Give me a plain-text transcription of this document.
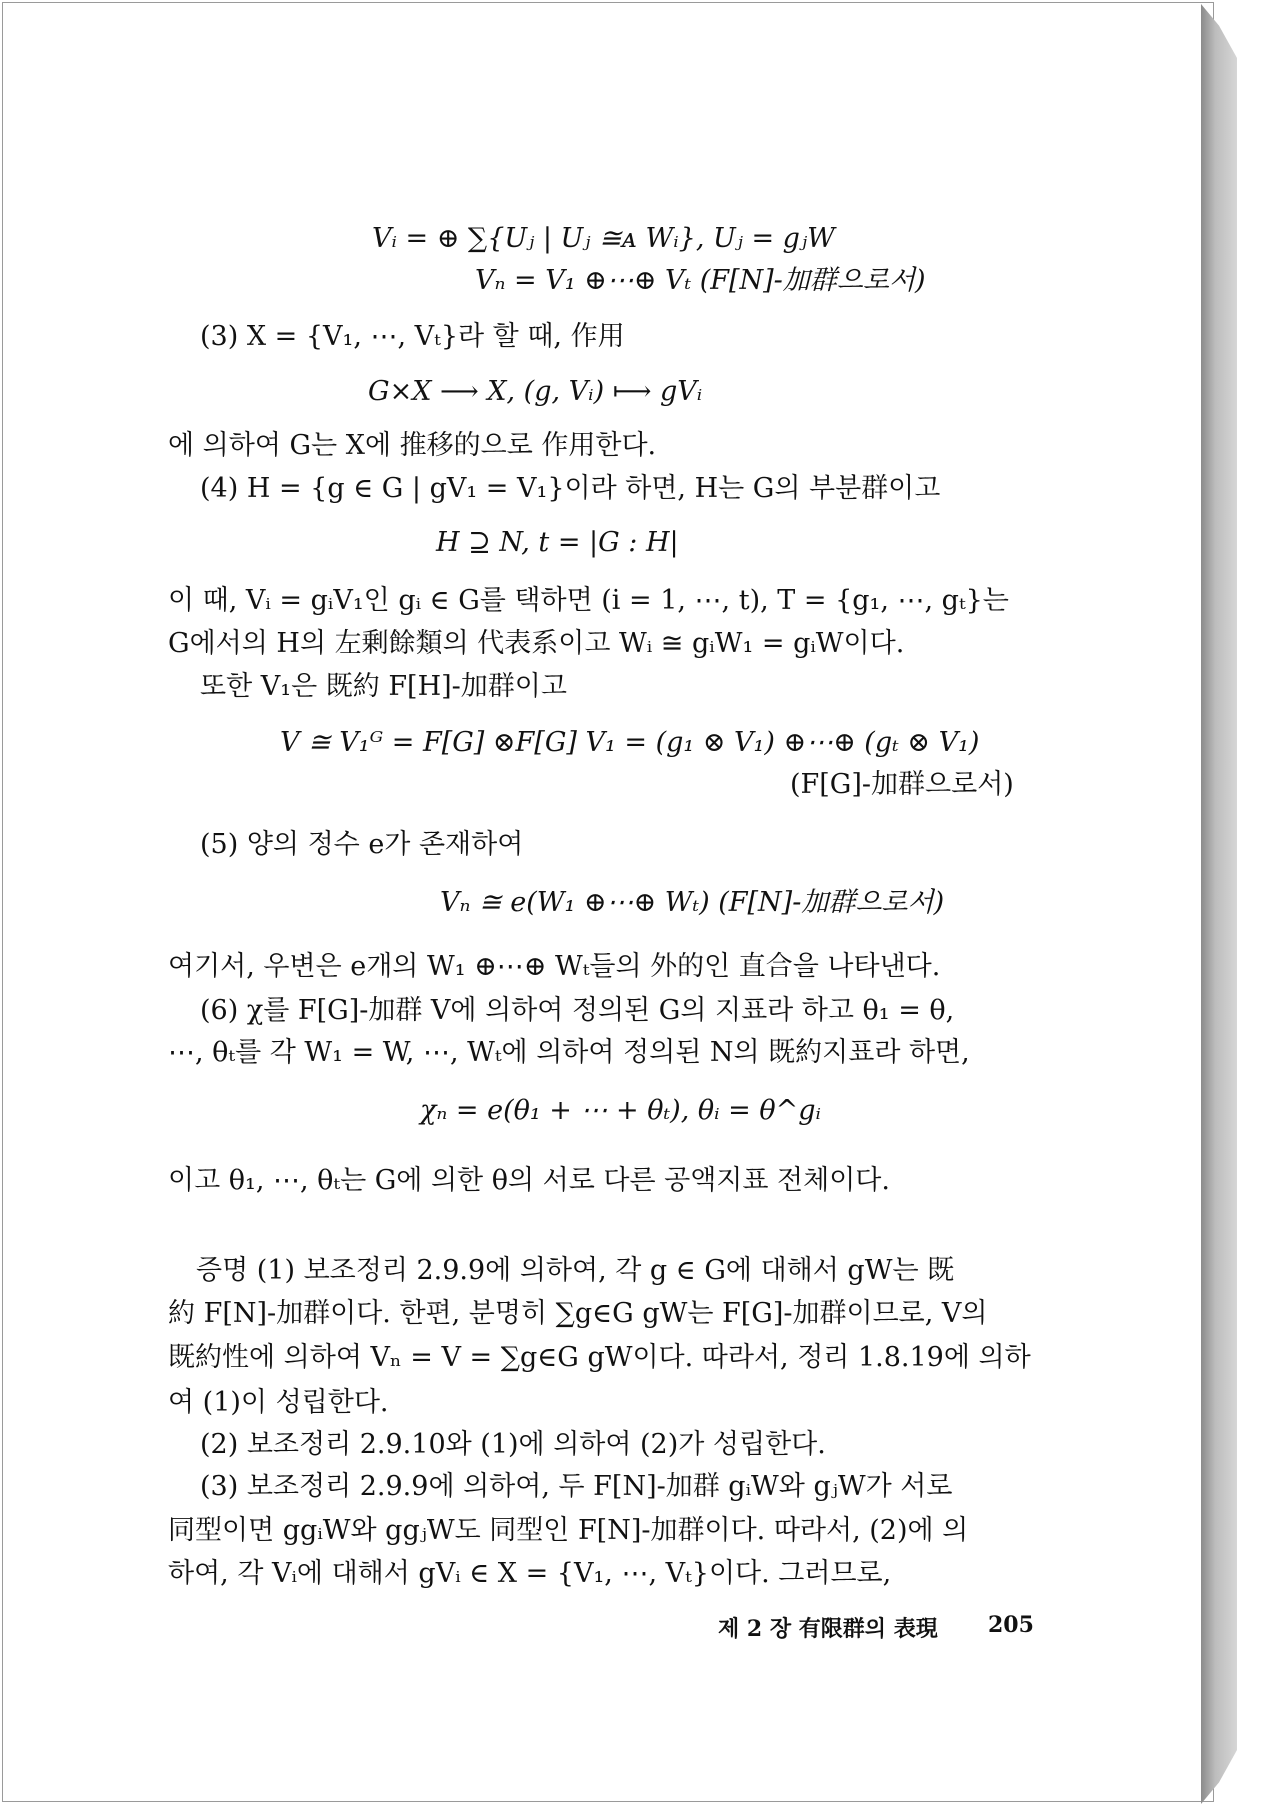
Vᵢ = ⊕ ∑{Uⱼ | Uⱼ ≅ᴀ Wᵢ}, Uⱼ = gⱼW
Vₙ = V₁ ⊕⋯⊕ Vₜ (F[N]-加群으로서)
(3) X = {V₁, ⋯, Vₜ}라 할 때, 作用
G×X ⟶ X, (g, Vᵢ) ⟼ gVᵢ
에 의하여 G는 X에 推移的으로 作用한다.
(4) H = {g ∈ G | gV₁ = V₁}이라 하면, H는 G의 부분群이고
H ⊇ N, t = |G : H|
이 때, Vᵢ = gᵢV₁인 gᵢ ∈ G를 택하면 (i = 1, ⋯, t), T = {g₁, ⋯, gₜ}는
G에서의 H의 左剰餘類의 代表系이고 Wᵢ ≅ gᵢW₁ = gᵢW이다.
또한 V₁은 既約 F[H]-加群이고
V ≅ V₁ᴳ = F[G] ⊗F[G] V₁ = (g₁ ⊗ V₁) ⊕⋯⊕ (gₜ ⊗ V₁)
(F[G]-加群으로서)
(5) 양의 정수 e가 존재하여
Vₙ ≅ e(W₁ ⊕⋯⊕ Wₜ) (F[N]-加群으로서)
여기서, 우변은 e개의 W₁ ⊕⋯⊕ Wₜ들의 外的인 直合을 나타낸다.
(6) χ를 F[G]-加群 V에 의하여 정의된 G의 지표라 하고 θ₁ = θ,
⋯, θₜ를 각 W₁ = W, ⋯, Wₜ에 의하여 정의된 N의 既約지표라 하면,
χₙ = e(θ₁ + ⋯ + θₜ), θᵢ = θ^gᵢ
이고 θ₁, ⋯, θₜ는 G에 의한 θ의 서로 다른 공액지표 전체이다.
증명 (1) 보조정리 2.9.9에 의하여, 각 g ∈ G에 대해서 gW는 既
約 F[N]-加群이다. 한편, 분명히 ∑g∈G gW는 F[G]-加群이므로, V의
既約性에 의하여 Vₙ = V = ∑g∈G gW이다. 따라서, 정리 1.8.19에 의하
여 (1)이 성립한다.
(2) 보조정리 2.9.10와 (1)에 의하여 (2)가 성립한다.
(3) 보조정리 2.9.9에 의하여, 두 F[N]-加群 gᵢW와 gⱼW가 서로
同型이면 ggᵢW와 ggⱼW도 同型인 F[N]-加群이다. 따라서, (2)에 의
하여, 각 Vᵢ에 대해서 gVᵢ ∈ X = {V₁, ⋯, Vₜ}이다. 그러므로,
제 2 장 有限群의 表現 205
